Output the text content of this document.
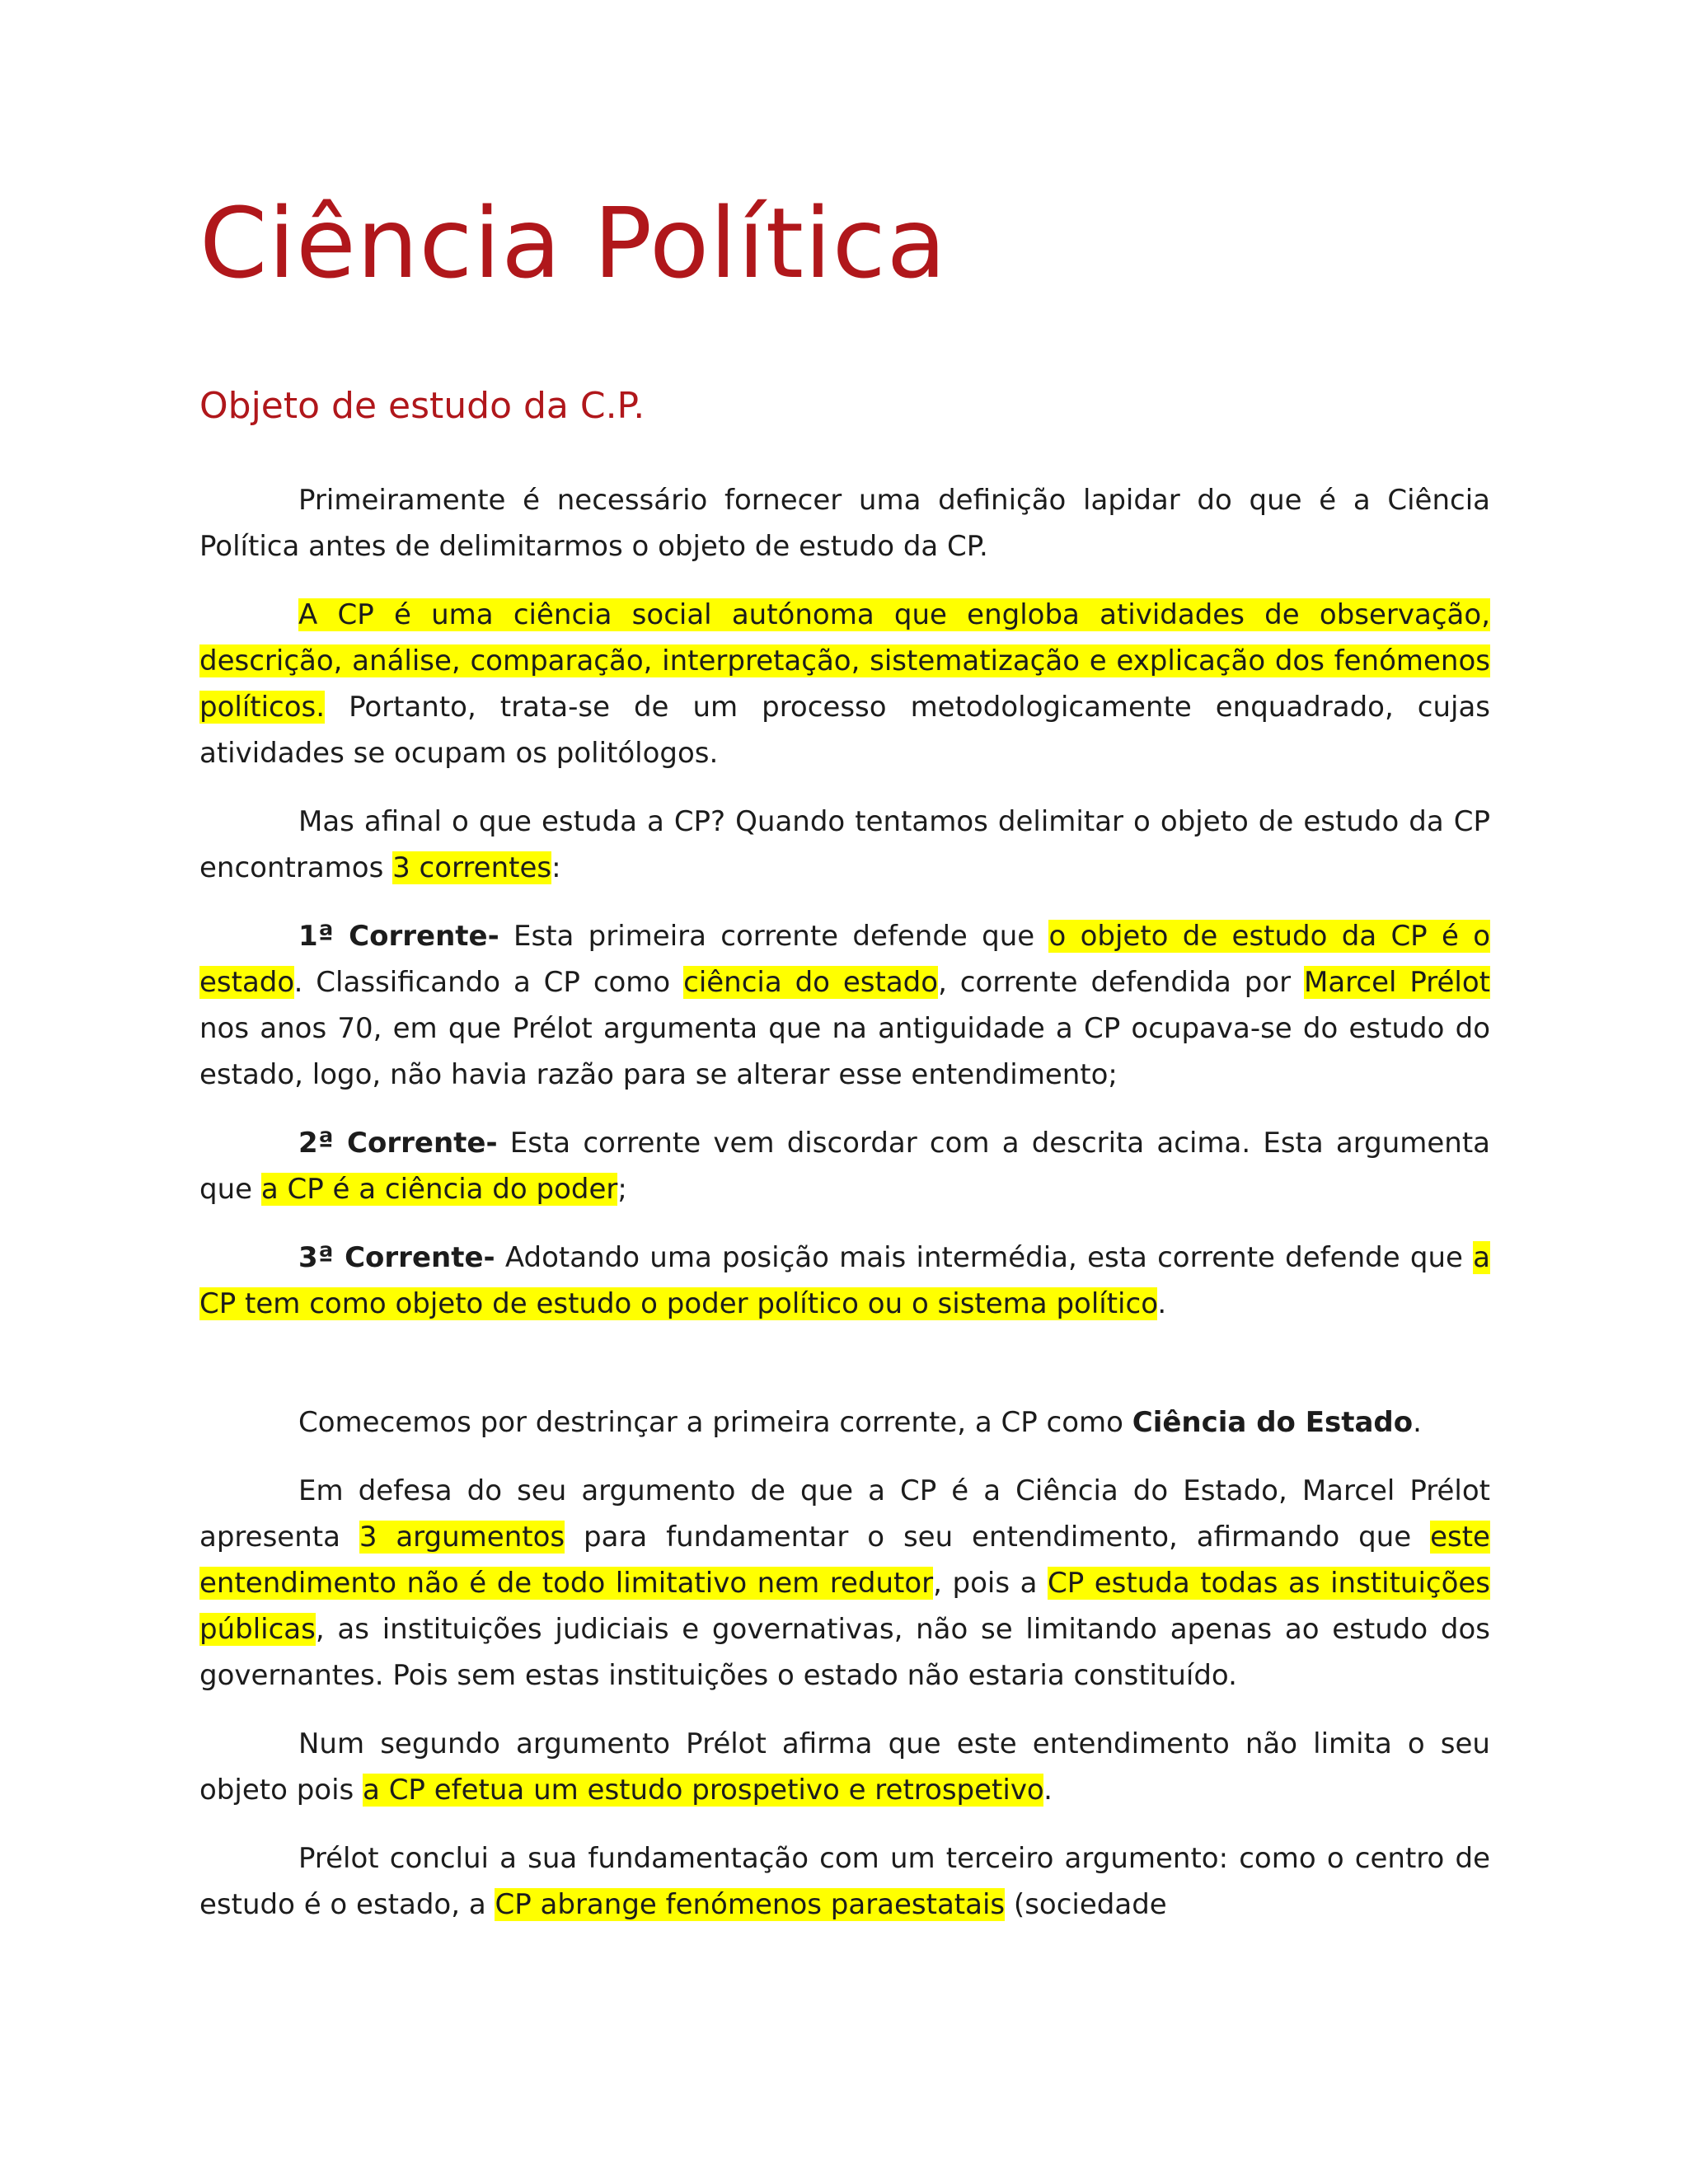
Ciência Política
Objeto de estudo da C.P.

Primeiramente é necessário fornecer uma definição lapidar do que é a Ciência Política antes de delimitarmos o objeto de estudo da CP.

A CP é uma ciência social autónoma que engloba atividades de observação, descrição, análise, comparação, interpretação, sistematização e explicação dos fenómenos políticos. Portanto, trata-se de um processo metodologicamente enquadrado, cujas atividades se ocupam os politólogos.

Mas afinal o que estuda a CP? Quando tentamos delimitar o objeto de estudo da CP encontramos 3 correntes:

1ª Corrente- Esta primeira corrente defende que o objeto de estudo da CP é o estado. Classificando a CP como ciência do estado, corrente defendida por Marcel Prélot nos anos 70, em que Prélot argumenta que na antiguidade a CP ocupava-se do estudo do estado, logo, não havia razão para se alterar esse entendimento;

2ª Corrente- Esta corrente vem discordar com a descrita acima. Esta argumenta que a CP é a ciência do poder;

3ª Corrente- Adotando uma posição mais intermédia, esta corrente defende que a CP tem como objeto de estudo o poder político ou o sistema político.

Comecemos por destrinçar a primeira corrente, a CP como Ciência do Estado.

Em defesa do seu argumento de que a CP é a Ciência do Estado, Marcel Prélot apresenta 3 argumentos para fundamentar o seu entendimento, afirmando que este entendimento não é de todo limitativo nem redutor, pois a CP estuda todas as instituições públicas, as instituições judiciais e governativas, não se limitando apenas ao estudo dos governantes. Pois sem estas instituições o estado não estaria constituído.

Num segundo argumento Prélot afirma que este entendimento não limita o seu objeto pois a CP efetua um estudo prospetivo e retrospetivo.

Prélot conclui a sua fundamentação com um terceiro argumento: como o centro de estudo é o estado, a CP abrange fenómenos paraestatais (sociedade
